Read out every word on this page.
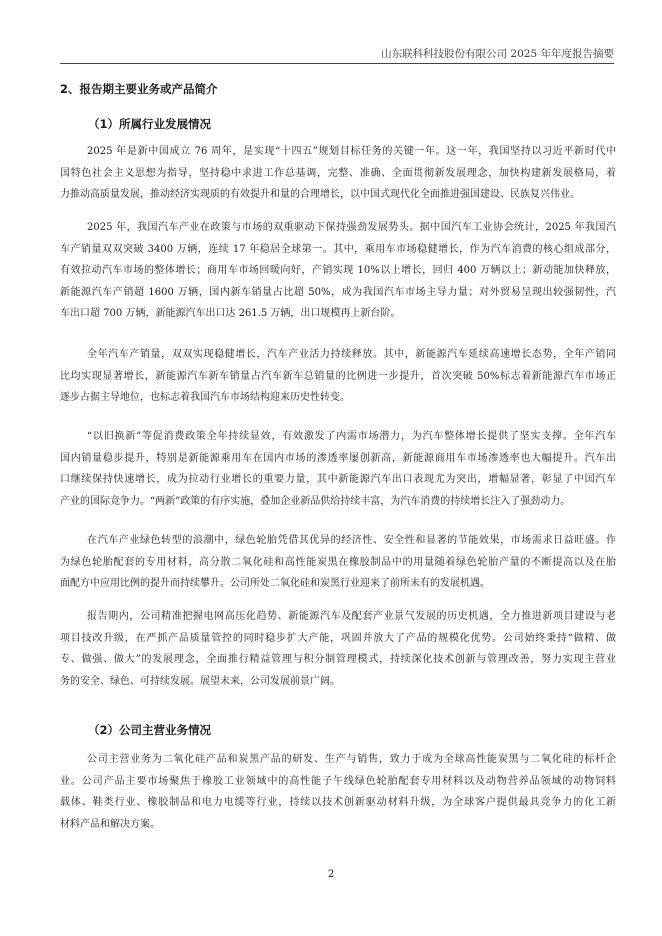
山东联科科技股份有限公司 2025 年年度报告摘要
2、报告期主要业务或产品简介
（1）所属行业发展情况
2025 年是新中国成立 76 周年，是实现“十四五”规划目标任务的关键一年。这一年，我国坚持以习近平新时代中
国特色社会主义思想为指导，坚持稳中求进工作总基调，完整、准确、全面贯彻新发展理念，加快构建新发展格局，着
力推动高质量发展，推动经济实现质的有效提升和量的合理增长，以中国式现代化全面推进强国建设、民族复兴伟业。
2025 年，我国汽车产业在政策与市场的双重驱动下保持强劲发展势头。据中国汽车工业协会统计，2025 年我国汽
车产销量双双突破 3400 万辆，连续 17 年稳居全球第一。其中，乘用车市场稳健增长，作为汽车消费的核心组成部分，
有效拉动汽车市场的整体增长；商用车市场回暖向好，产销实现 10%以上增长，回归 400 万辆以上；新动能加快释放，
新能源汽车产销超 1600 万辆，国内新车销量占比超 50%，成为我国汽车市场主导力量；对外贸易呈现出较强韧性，汽
车出口超 700 万辆，新能源汽车出口达 261.5 万辆，出口规模再上新台阶。
全年汽车产销量，双双实现稳健增长，汽车产业活力持续释放。其中，新能源汽车延续高速增长态势，全年产销同
比均实现显著增长，新能源汽车新车销量占汽车新车总销量的比例进一步提升，首次突破 50%标志着新能源汽车市场正
逐步占据主导地位，也标志着我国汽车市场结构迎来历史性转变。
“以旧换新”等促消费政策全年持续显效，有效激发了内需市场潜力，为汽车整体增长提供了坚实支撑。全年汽车
国内销量稳步提升，特别是新能源乘用车在国内市场的渗透率屡创新高，新能源商用车市场渗透率也大幅提升。汽车出
口继续保持快速增长，成为拉动行业增长的重要力量，其中新能源汽车出口表现尤为突出，增幅显著，彰显了中国汽车
产业的国际竞争力。“两新”政策的有序实施，叠加企业新品供给持续丰富，为汽车消费的持续增长注入了强劲动力。
在汽车产业绿色转型的浪潮中，绿色轮胎凭借其优异的经济性、安全性和显著的节能效果，市场需求日益旺盛。作
为绿色轮胎配套的专用材料，高分散二氧化硅和高性能炭黑在橡胶制品中的用量随着绿色轮胎产量的不断提高以及在胎
面配方中应用比例的提升而持续攀升。公司所处二氧化硅和炭黑行业迎来了前所未有的发展机遇。
报告期内，公司精准把握电网高压化趋势、新能源汽车及配套产业景气发展的历史机遇，全力推进新项目建设与老
项目技改升级，在严抓产品质量管控的同时稳步扩大产能，巩固并放大了产品的规模化优势。公司始终秉持“做精、做
专、做强、做大”的发展理念，全面推行精益管理与积分制管理模式，持续深化技术创新与管理改善，努力实现主营业
务的安全、绿色、可持续发展。展望未来，公司发展前景广阔。
（2）公司主营业务情况
公司主营业务为二氧化硅产品和炭黑产品的研发、生产与销售，致力于成为全球高性能炭黑与二氧化硅的标杆企
业。公司产品主要市场聚焦于橡胶工业领域中的高性能子午线绿色轮胎配套专用材料以及动物营养品领域的动物饲料
载体、鞋类行业、橡胶制品和电力电缆等行业，持续以技术创新驱动材料升级，为全球客户提供最具竞争力的化工新
材料产品和解决方案。
2
